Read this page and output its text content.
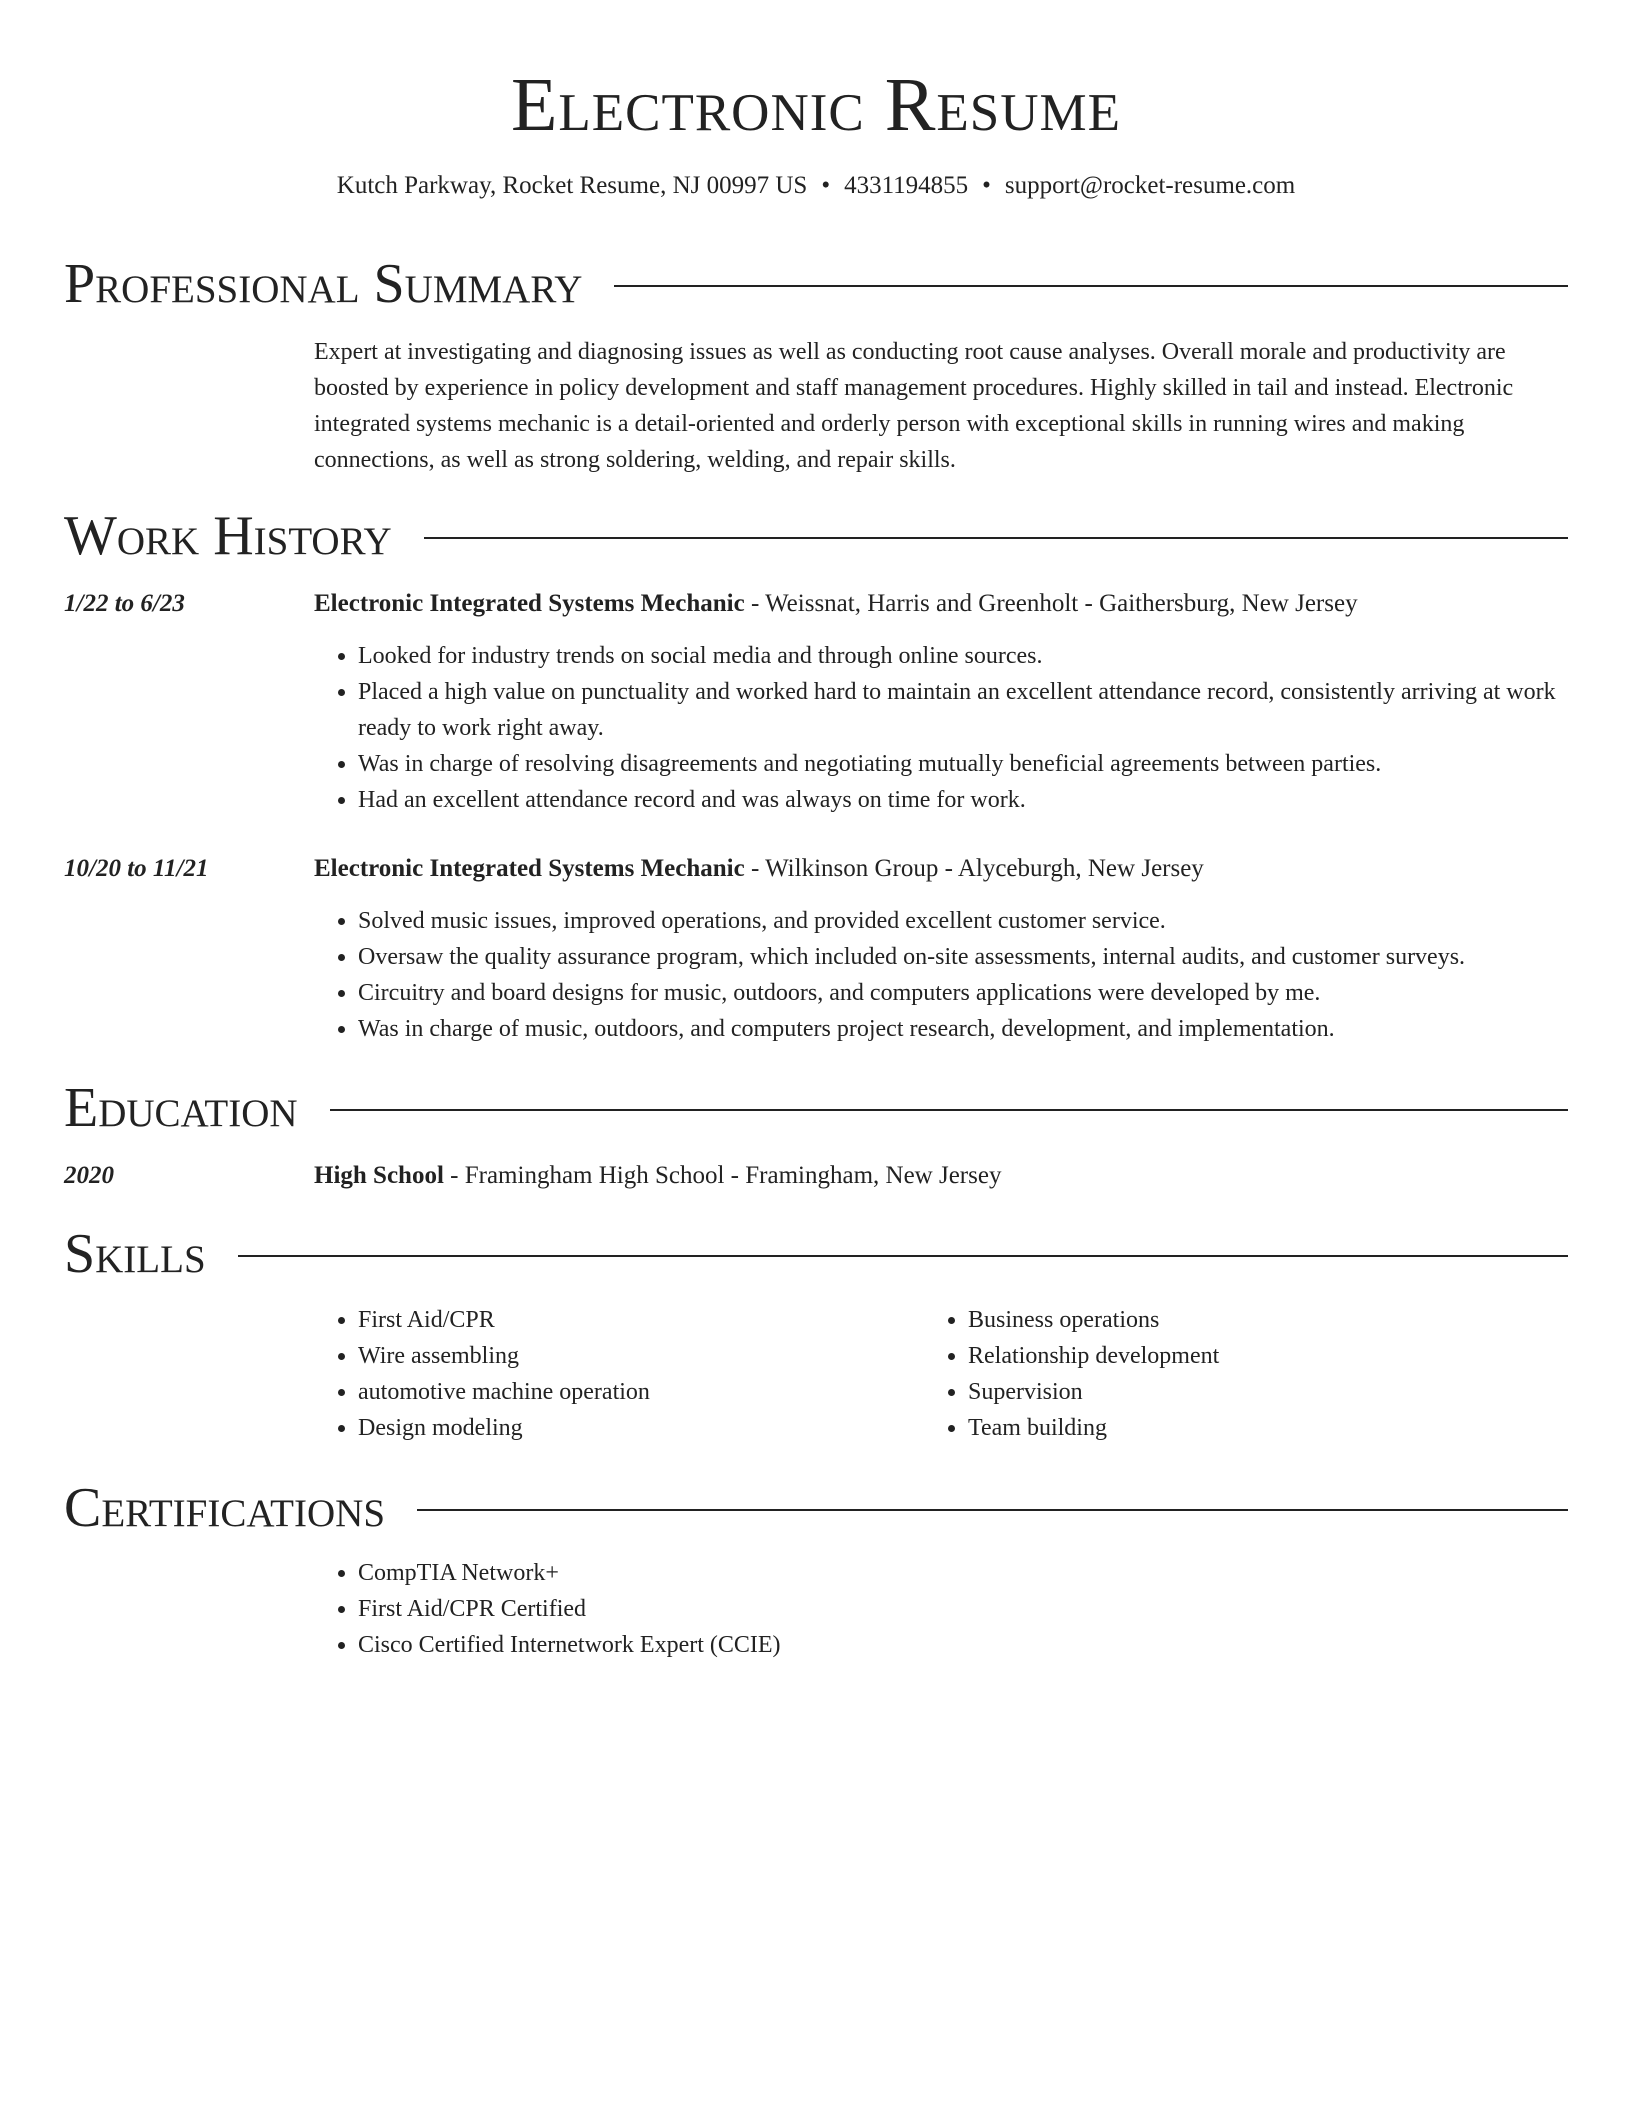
Electronic Resume
Kutch Parkway, Rocket Resume, NJ 00997 US • 4331194855 • support@rocket-resume.com
Professional Summary

Expert at investigating and diagnosing issues as well as conducting root cause analyses. Overall morale and productivity are boosted by experience in policy development and staff management procedures. Highly skilled in tail and instead. Electronic integrated systems mechanic is a detail-oriented and orderly person with exceptional skills in running wires and making connections, as well as strong soldering, welding, and repair skills.

Work History
1/22 to 6/23	Electronic Integrated Systems Mechanic - Weissnat, Harris and Greenholt - Gaithersburg, New Jersey
• Looked for industry trends on social media and through online sources.
• Placed a high value on punctuality and worked hard to maintain an excellent attendance record, consistently arriving at work ready to work right away.
• Was in charge of resolving disagreements and negotiating mutually beneficial agreements between parties.
• Had an excellent attendance record and was always on time for work.
10/20 to 11/21	Electronic Integrated Systems Mechanic - Wilkinson Group - Alyceburgh, New Jersey
• Solved music issues, improved operations, and provided excellent customer service.
• Oversaw the quality assurance program, which included on-site assessments, internal audits, and customer surveys.
• Circuitry and board designs for music, outdoors, and computers applications were developed by me.
• Was in charge of music, outdoors, and computers project research, development, and implementation.
Education
2020	High School - Framingham High School - Framingham, New Jersey
Skills
• First Aid/CPR
• Wire assembling
• automotive machine operation
• Design modeling
• Business operations
• Relationship development
• Supervision
• Team building
Certifications
• CompTIA Network+
• First Aid/CPR Certified
• Cisco Certified Internetwork Expert (CCIE)
